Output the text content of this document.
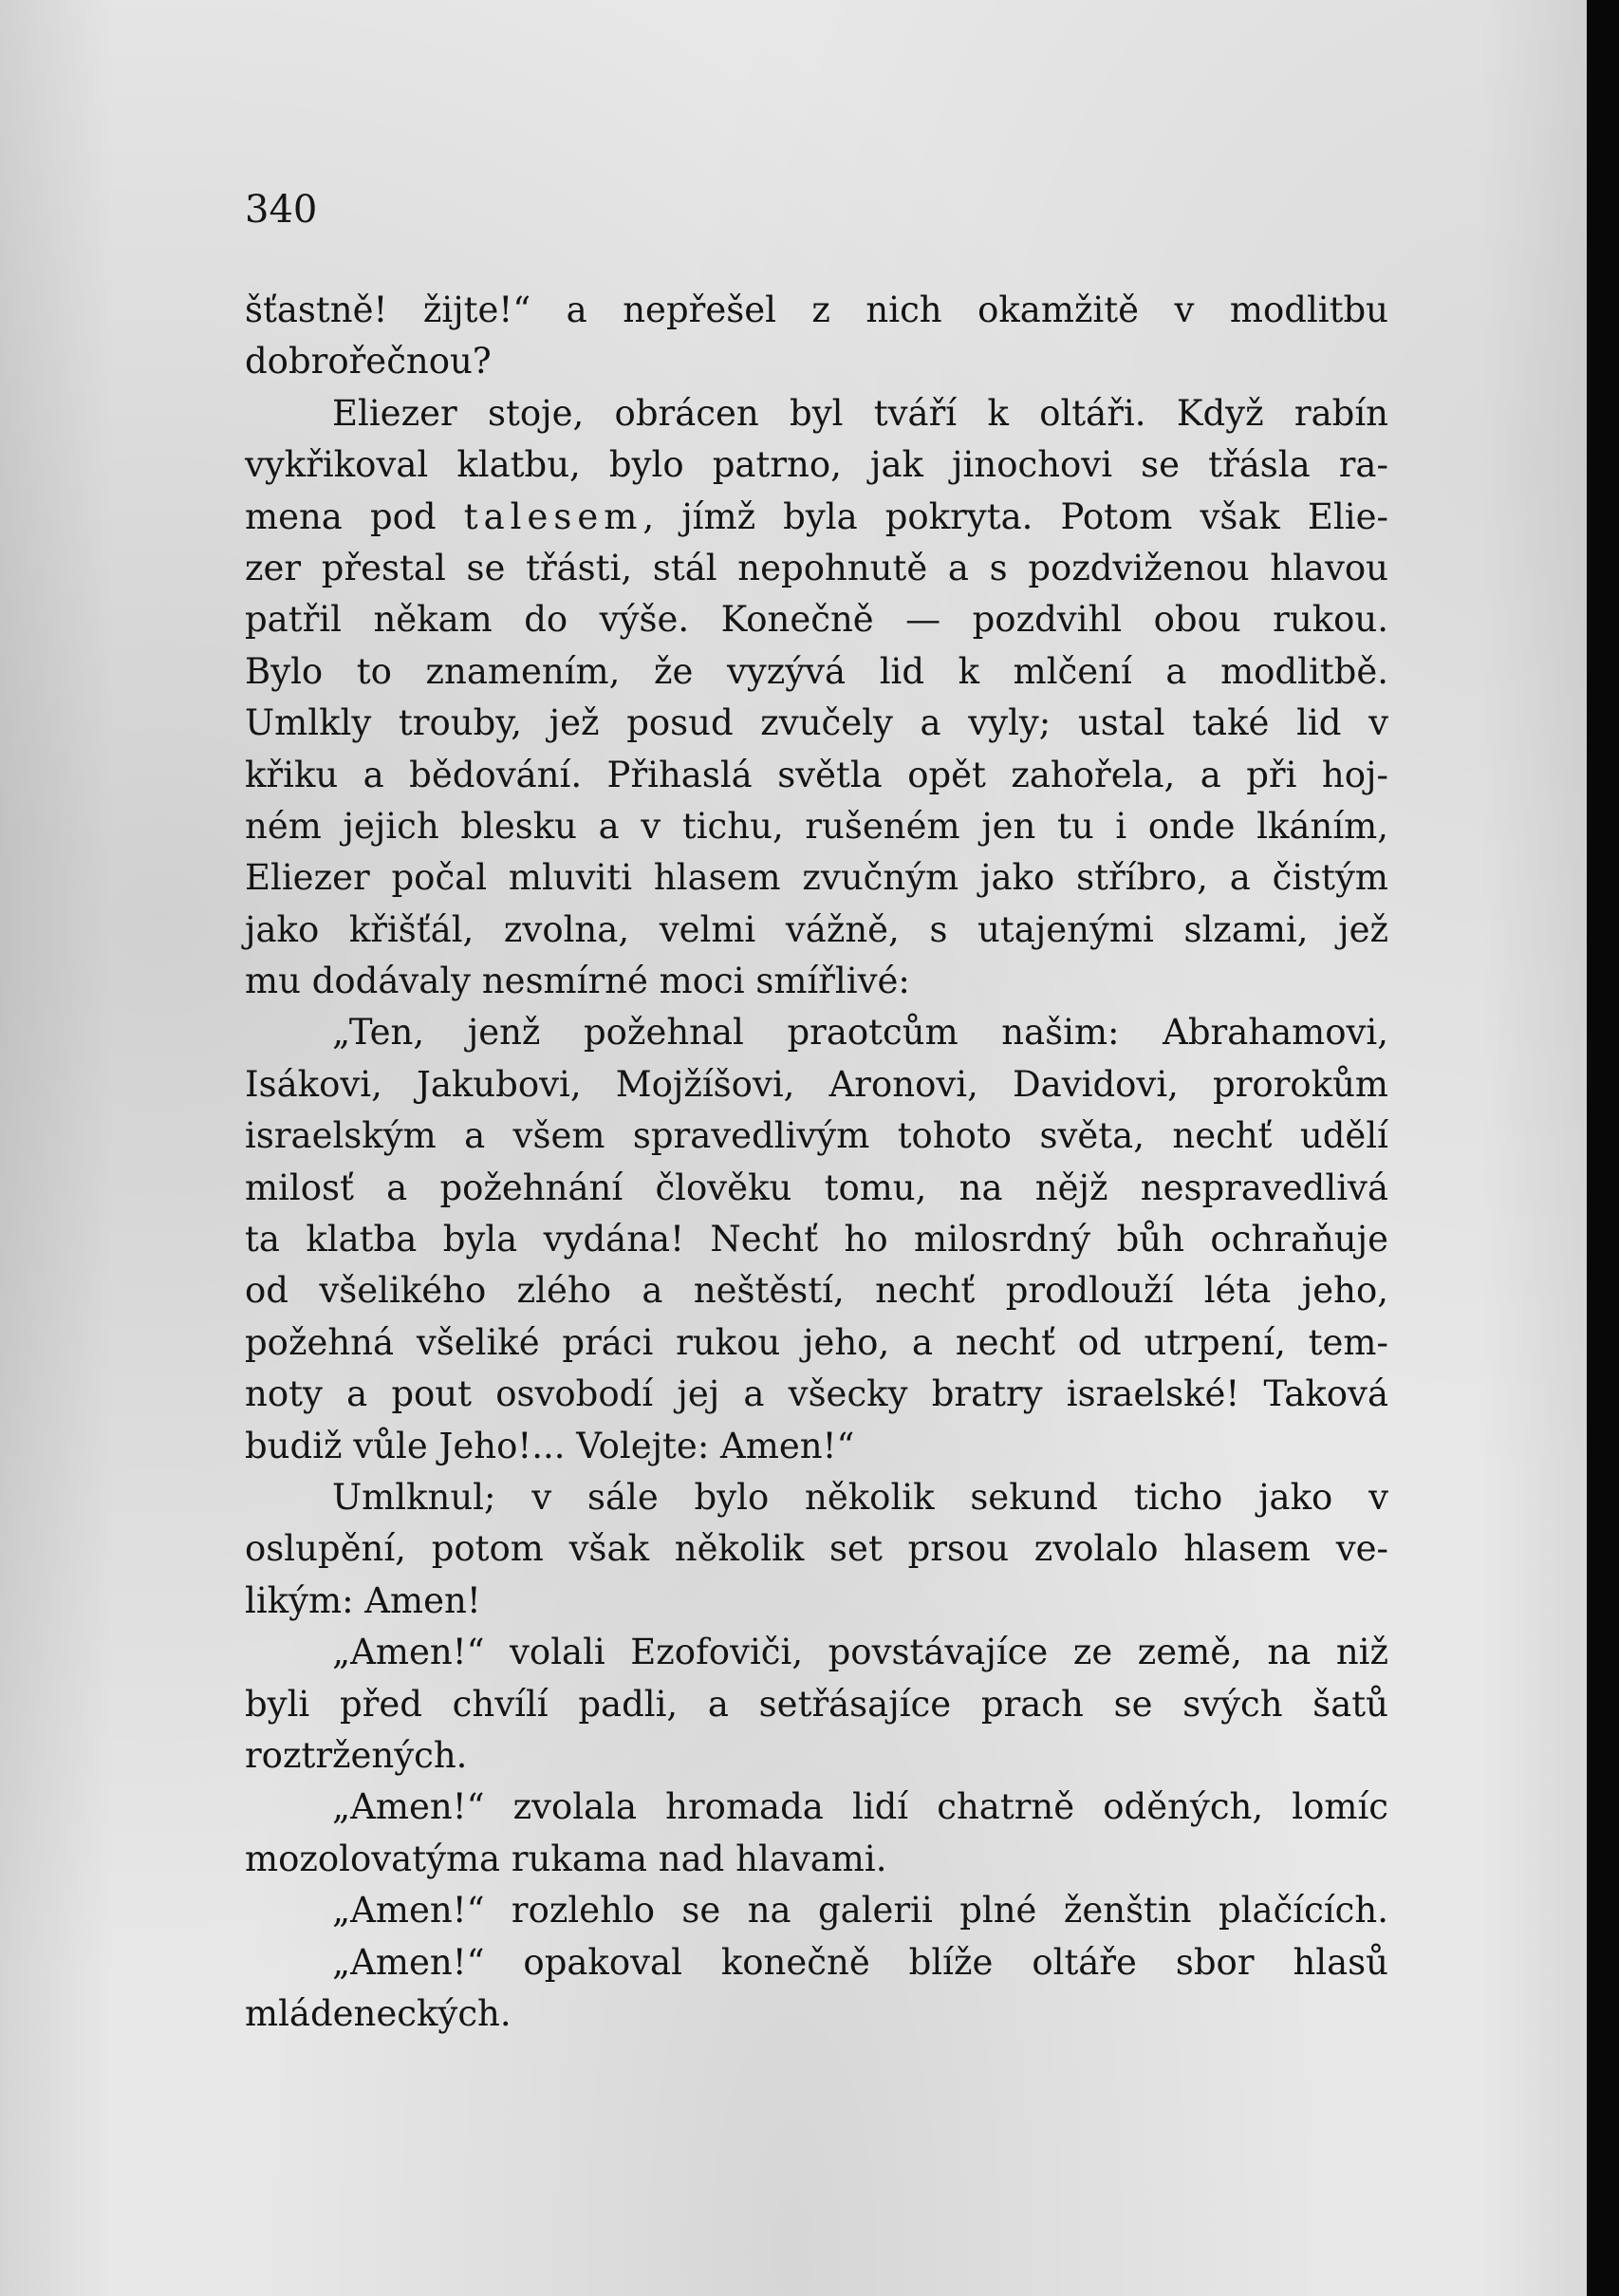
340
šťastně! žijte!“ a nepřešel z nich okamžitě v modlitbu
dobrořečnou?
Eliezer stoje, obrácen byl tváří k oltáři. Když rabín
vykřikoval klatbu, bylo patrno, jak jinochovi se třásla ra-
mena pod talesem, jímž byla pokryta. Potom však Elie-
zer přestal se třásti, stál nepohnutě a s pozdviženou hlavou
patřil někam do výše. Konečně — pozdvihl obou rukou.
Bylo to znamením, že vyzývá lid k mlčení a modlitbě.
Umlkly trouby, jež posud zvučely a vyly; ustal také lid v
křiku a bědování. Přihaslá světla opět zahořela, a při hoj-
ném jejich blesku a v tichu, rušeném jen tu i onde lkáním,
Eliezer počal mluviti hlasem zvučným jako stříbro, a čistým
jako křišťál, zvolna, velmi vážně, s utajenými slzami, jež
mu dodávaly nesmírné moci smířlivé:
„Ten, jenž požehnal praotcům našim: Abrahamovi,
Isákovi, Jakubovi, Mojžíšovi, Aronovi, Davidovi, prorokům
israelským a všem spravedlivým tohoto světa, nechť udělí
milosť a požehnání člověku tomu, na nějž nespravedlivá
ta klatba byla vydána! Nechť ho milosrdný bůh ochraňuje
od všelikého zlého a neštěstí, nechť prodlouží léta jeho,
požehná všeliké práci rukou jeho, a nechť od utrpení, tem-
noty a pout osvobodí jej a všecky bratry israelské! Taková
budiž vůle Jeho!... Volejte: Amen!“
Umlknul; v sále bylo několik sekund ticho jako v
oslupění, potom však několik set prsou zvolalo hlasem ve-
likým: Amen!
„Amen!“ volali Ezofoviči, povstávajíce ze země, na niž
byli před chvílí padli, a setřásajíce prach se svých šatů
roztržených.
„Amen!“ zvolala hromada lidí chatrně oděných, lomíc
mozolovatýma rukama nad hlavami.
„Amen!“ rozlehlo se na galerii plné ženštin plačících.
„Amen!“ opakoval konečně blíže oltáře sbor hlasů
mládeneckých.
